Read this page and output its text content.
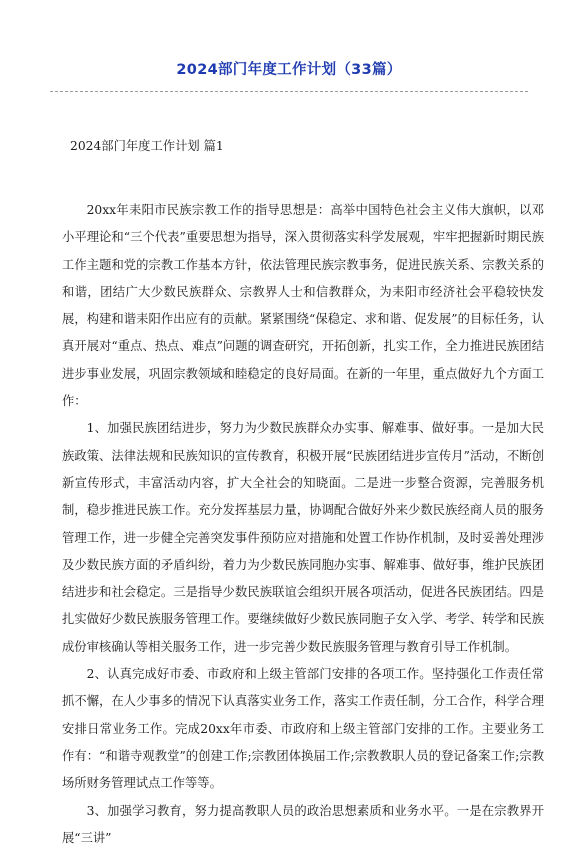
2024部门年度工作计划（33篇）
2024部门年度工作计划 篇1

20xx年耒阳市民族宗教工作的指导思想是：高举中国特色社会主义伟大旗帜，以邓小平理论和“三个代表”重要思想为指导，深入贯彻落实科学发展观，牢牢把握新时期民族工作主题和党的宗教工作基本方针，依法管理民族宗教事务，促进民族关系、宗教关系的和谐，团结广大少数民族群众、宗教界人士和信教群众，为耒阳市经济社会平稳较快发展，构建和谐耒阳作出应有的贡献。紧紧围绕“保稳定、求和谐、促发展”的目标任务，认真开展对“重点、热点、难点”问题的调查研究，开拓创新，扎实工作，全力推进民族团结进步事业发展，巩固宗教领域和睦稳定的良好局面。在新的一年里，重点做好九个方面工作：

1、加强民族团结进步，努力为少数民族群众办实事、解难事、做好事。一是加大民族政策、法律法规和民族知识的宣传教育，积极开展“民族团结进步宣传月”活动，不断创新宣传形式，丰富活动内容，扩大全社会的知晓面。二是进一步整合资源，完善服务机制，稳步推进民族工作。充分发挥基层力量，协调配合做好外来少数民族经商人员的服务管理工作，进一步健全完善突发事件预防应对措施和处置工作协作机制，及时妥善处理涉及少数民族方面的矛盾纠纷，着力为少数民族同胞办实事、解难事、做好事，维护民族团结进步和社会稳定。三是指导少数民族联谊会组织开展各项活动，促进各民族团结。四是扎实做好少数民族服务管理工作。要继续做好少数民族同胞子女入学、考学、转学和民族成份审核确认等相关服务工作，进一步完善少数民族服务管理与教育引导工作机制。

2、认真完成好市委、市政府和上级主管部门安排的各项工作。坚持强化工作责任常抓不懈，在人少事多的情况下认真落实业务工作，落实工作责任制，分工合作，科学合理安排日常业务工作。完成20xx年市委、市政府和上级主管部门安排的工作。主要业务工作有：“和谐寺观教堂”的创建工作;宗教团体换届工作;宗教教职人员的登记备案工作;宗教场所财务管理试点工作等等。

3、加强学习教育，努力提高教职人员的政治思想素质和业务水平。一是在宗教界开展“三讲”
